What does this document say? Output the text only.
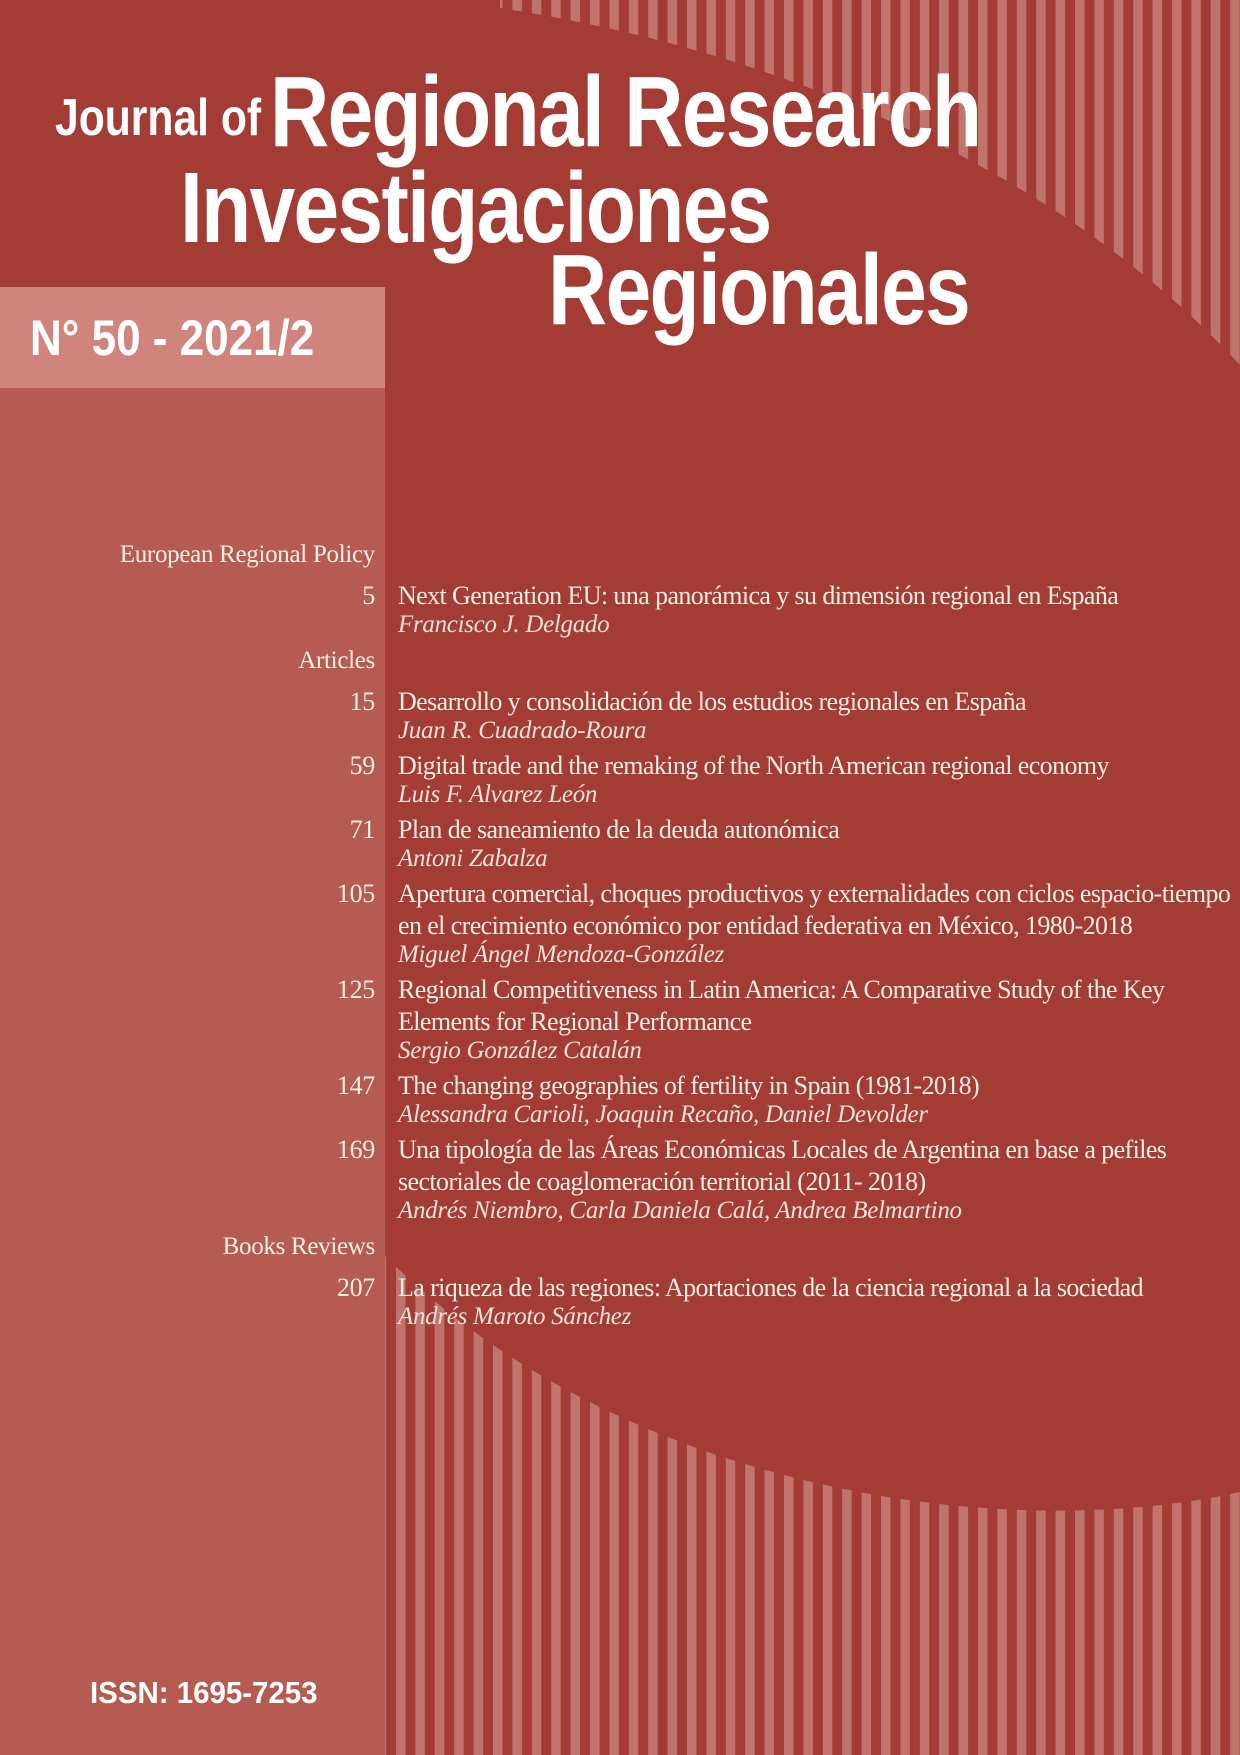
N° 50 - 2021/2
Journal of Regional Research
Investigaciones
Regionales
European Regional Policy
5 Next Generation EU: una panorámica y su dimensión regional en España
Francisco J. Delgado
Articles
15 Desarrollo y consolidación de los estudios regionales en España
Juan R. Cuadrado-Roura
59 Digital trade and the remaking of the North American regional economy
Luis F. Alvarez León
71 Plan de saneamiento de la deuda autonómica
Antoni Zabalza
105 Apertura comercial, choques productivos y externalidades con ciclos espacio-tiempo
en el crecimiento económico por entidad federativa en México, 1980-2018
Miguel Ángel Mendoza-González
125 Regional Competitiveness in Latin America: A Comparative Study of the Key
Elements for Regional Performance
Sergio González Catalán
147 The changing geographies of fertility in Spain (1981-2018)
Alessandra Carioli, Joaquin Recaño, Daniel Devolder
169 Una tipología de las Áreas Económicas Locales de Argentina en base a pefiles
sectoriales de coaglomeración territorial (2011- 2018)
Andrés Niembro, Carla Daniela Calá, Andrea Belmartino
Books Reviews
207 La riqueza de las regiones: Aportaciones de la ciencia regional a la sociedad
Andrés Maroto Sánchez
ISSN: 1695-7253
